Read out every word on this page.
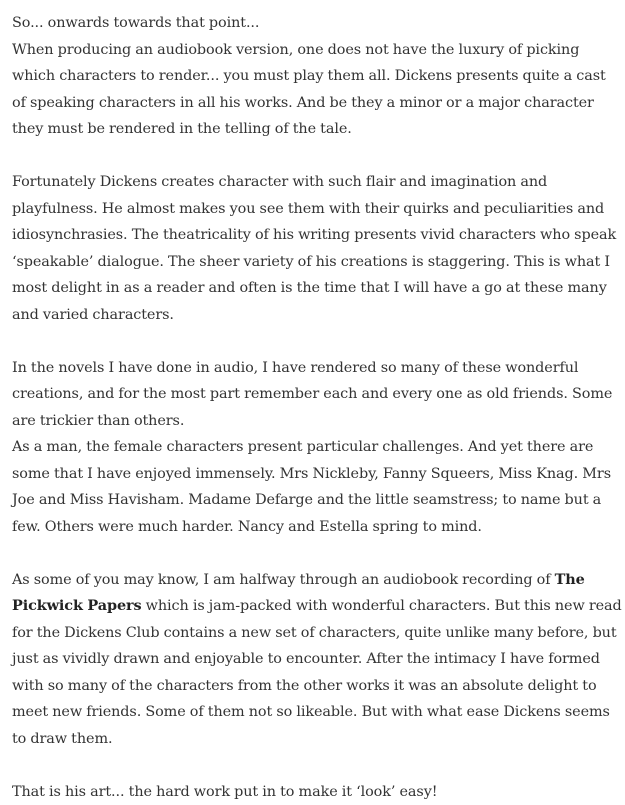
So... onwards towards that point...
When producing an audiobook version, one does not have the luxury of picking which characters to render... you must play them all. Dickens presents quite a cast of speaking characters in all his works. And be they a minor or a major character they must be rendered in the telling of the tale.

Fortunately Dickens creates character with such flair and imagination and playfulness. He almost makes you see them with their quirks and peculiarities and idiosynchrasies. The theatricality of his writing presents vivid characters who speak ‘speakable’ dialogue. The sheer variety of his creations is staggering. This is what I most delight in as a reader and often is the time that I will have a go at these many and varied characters.

In the novels I have done in audio, I have rendered so many of these wonderful creations, and for the most part remember each and every one as old friends. Some are trickier than others.
As a man, the female characters present particular challenges. And yet there are some that I have enjoyed immensely. Mrs Nickleby, Fanny Squeers, Miss Knag. Mrs Joe and Miss Havisham. Madame Defarge and the little seamstress; to name but a few. Others were much harder. Nancy and Estella spring to mind.

As some of you may know, I am halfway through an audiobook recording of The Pickwick Papers which is jam-packed with wonderful characters. But this new read for the Dickens Club contains a new set of characters, quite unlike many before, but just as vividly drawn and enjoyable to encounter. After the intimacy I have formed with so many of the characters from the other works it was an absolute delight to meet new friends. Some of them not so likeable. But with what ease Dickens seems to draw them.

That is his art... the hard work put in to make it ‘look’ easy!
